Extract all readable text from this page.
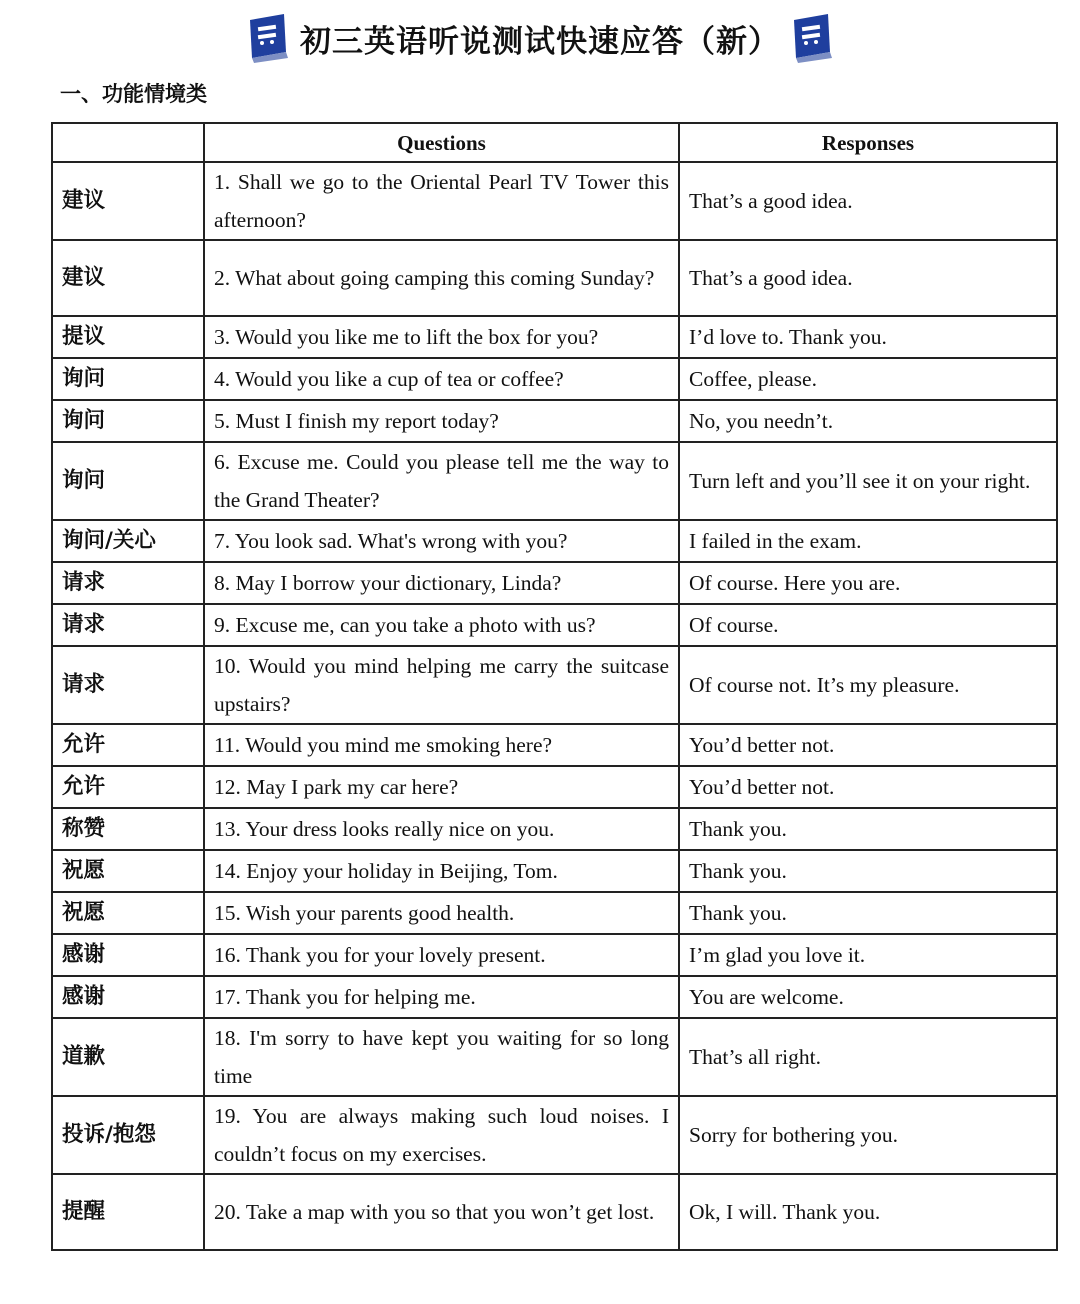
初三英语听说测试快速应答（新）
一、功能情境类
	Questions	Responses
建议	1. Shall we go to the Oriental Pearl TV Tower this afternoon?	That’s a good idea.
建议	2. What about going camping this coming Sunday?	That’s a good idea.
提议	3. Would you like me to lift the box for you?	I’d love to. Thank you.
询问	4. Would you like a cup of tea or coffee?	Coffee, please.
询问	5. Must I finish my report today?	No, you needn’t.
询问	6. Excuse me. Could you please tell me the way to the Grand Theater?	Turn left and you’ll see it on your right.
询问/关心	7. You look sad. What's wrong with you?	I failed in the exam.
请求	8. May I borrow your dictionary, Linda?	Of course. Here you are.
请求	9. Excuse me, can you take a photo with us?	Of course.
请求	10. Would you mind helping me carry the suitcase upstairs?	Of course not. It’s my pleasure.
允许	11. Would you mind me smoking here?	You’d better not.
允许	12. May I park my car here?	You’d better not.
称赞	13. Your dress looks really nice on you.	Thank you.
祝愿	14. Enjoy your holiday in Beijing, Tom.	Thank you.
祝愿	15. Wish your parents good health.	Thank you.
感谢	16. Thank you for your lovely present.	I’m glad you love it.
感谢	17. Thank you for helping me.	You are welcome.
道歉	18. I'm sorry to have kept you waiting for so long time	That’s all right.
投诉/抱怨	19. You are always making such loud noises. I couldn’t focus on my exercises.	Sorry for bothering you.
提醒	20. Take a map with you so that you won’t get lost.	Ok, I will. Thank you.
